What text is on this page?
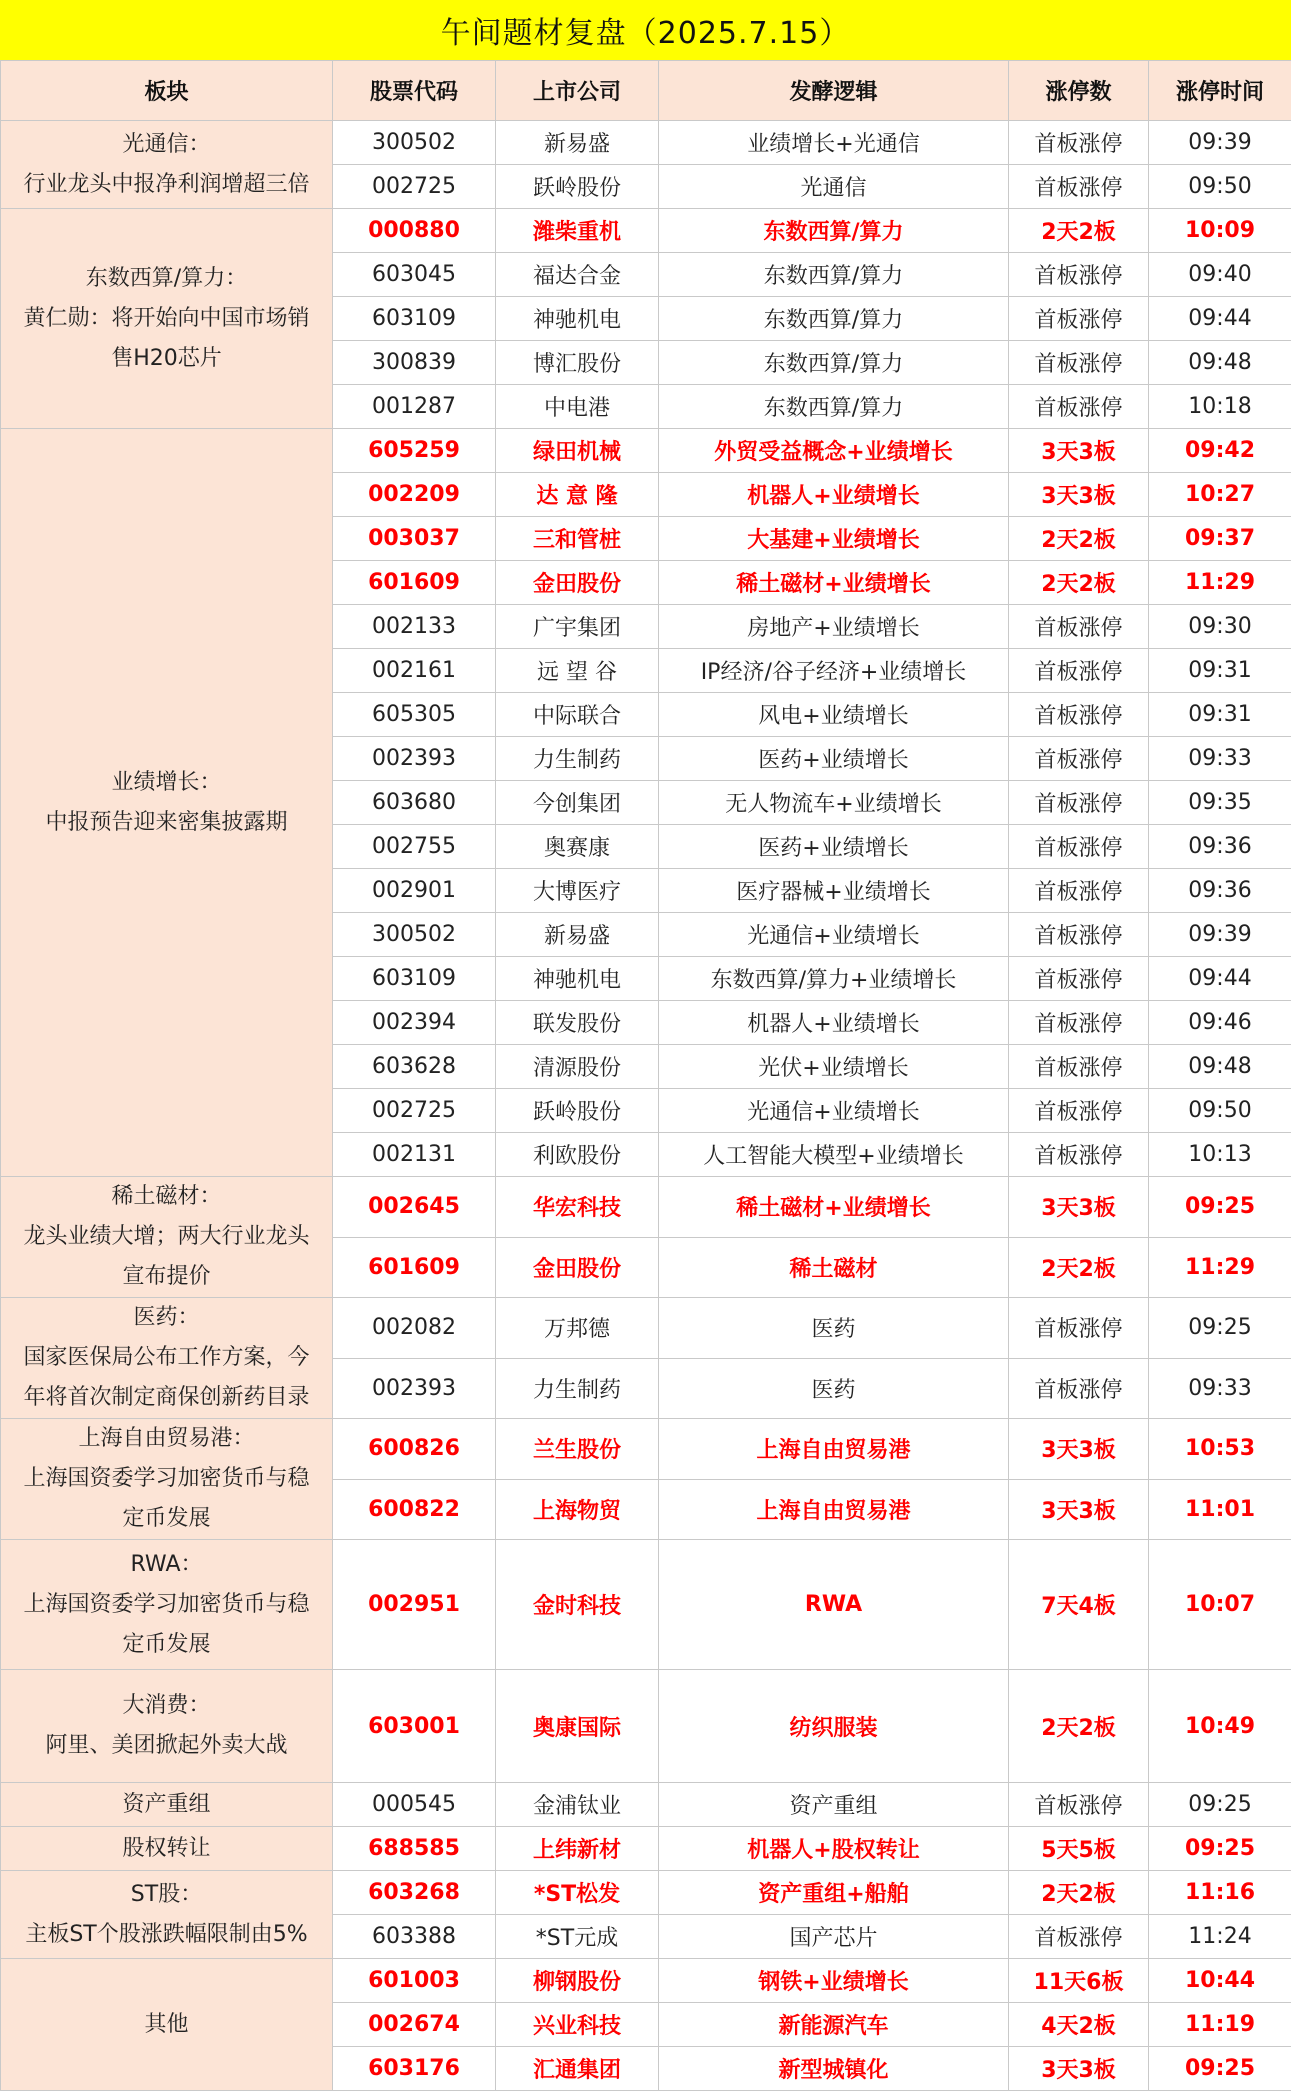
午间题材复盘（2025.7.15）
板块	股票代码	上市公司	发酵逻辑	涨停数	涨停时间

光通信：
行业龙头中报净利润增超三倍	300502	新易盛	业绩增长+光通信	首板涨停	09:39
	002725	跃岭股份	光通信	首板涨停	09:50

东数西算/算力：
黄仁勋：将开始向中国市场销
售H20芯片	000880	潍柴重机	东数西算/算力	2天2板	10:09
	603045	福达合金	东数西算/算力	首板涨停	09:40
	603109	神驰机电	东数西算/算力	首板涨停	09:44
	300839	博汇股份	东数西算/算力	首板涨停	09:48
	001287	中电港	东数西算/算力	首板涨停	10:18

业绩增长：
中报预告迎来密集披露期	605259	绿田机械	外贸受益概念+业绩增长	3天3板	09:42
	002209	达 意 隆	机器人+业绩增长	3天3板	10:27
	003037	三和管桩	大基建+业绩增长	2天2板	09:37
	601609	金田股份	稀土磁材+业绩增长	2天2板	11:29
	002133	广宇集团	房地产+业绩增长	首板涨停	09:30
	002161	远 望 谷	IP经济/谷子经济+业绩增长	首板涨停	09:31
	605305	中际联合	风电+业绩增长	首板涨停	09:31
	002393	力生制药	医药+业绩增长	首板涨停	09:33
	603680	今创集团	无人物流车+业绩增长	首板涨停	09:35
	002755	奥赛康	医药+业绩增长	首板涨停	09:36
	002901	大博医疗	医疗器械+业绩增长	首板涨停	09:36
	300502	新易盛	光通信+业绩增长	首板涨停	09:39
	603109	神驰机电	东数西算/算力+业绩增长	首板涨停	09:44
	002394	联发股份	机器人+业绩增长	首板涨停	09:46
	603628	清源股份	光伏+业绩增长	首板涨停	09:48
	002725	跃岭股份	光通信+业绩增长	首板涨停	09:50
	002131	利欧股份	人工智能大模型+业绩增长	首板涨停	10:13

稀土磁材：
龙头业绩大增；两大行业龙头
宣布提价	002645	华宏科技	稀土磁材+业绩增长	3天3板	09:25
	601609	金田股份	稀土磁材	2天2板	11:29

医药：
国家医保局公布工作方案，今
年将首次制定商保创新药目录	002082	万邦德	医药	首板涨停	09:25
	002393	力生制药	医药	首板涨停	09:33

上海自由贸易港：
上海国资委学习加密货币与稳
定币发展	600826	兰生股份	上海自由贸易港	3天3板	10:53
	600822	上海物贸	上海自由贸易港	3天3板	11:01

RWA：
上海国资委学习加密货币与稳
定币发展	002951	金时科技	RWA	7天4板	10:07

大消费：
阿里、美团掀起外卖大战	603001	奥康国际	纺织服装	2天2板	10:49

资产重组	000545	金浦钛业	资产重组	首板涨停	09:25

股权转让	688585	上纬新材	机器人+股权转让	5天5板	09:25

ST股：
主板ST个股涨跌幅限制由5%	603268	*ST松发	资产重组+船舶	2天2板	11:16
	603388	*ST元成	国产芯片	首板涨停	11:24

其他	601003	柳钢股份	钢铁+业绩增长	11天6板	10:44
	002674	兴业科技	新能源汽车	4天2板	11:19
	603176	汇通集团	新型城镇化	3天3板	09:25
